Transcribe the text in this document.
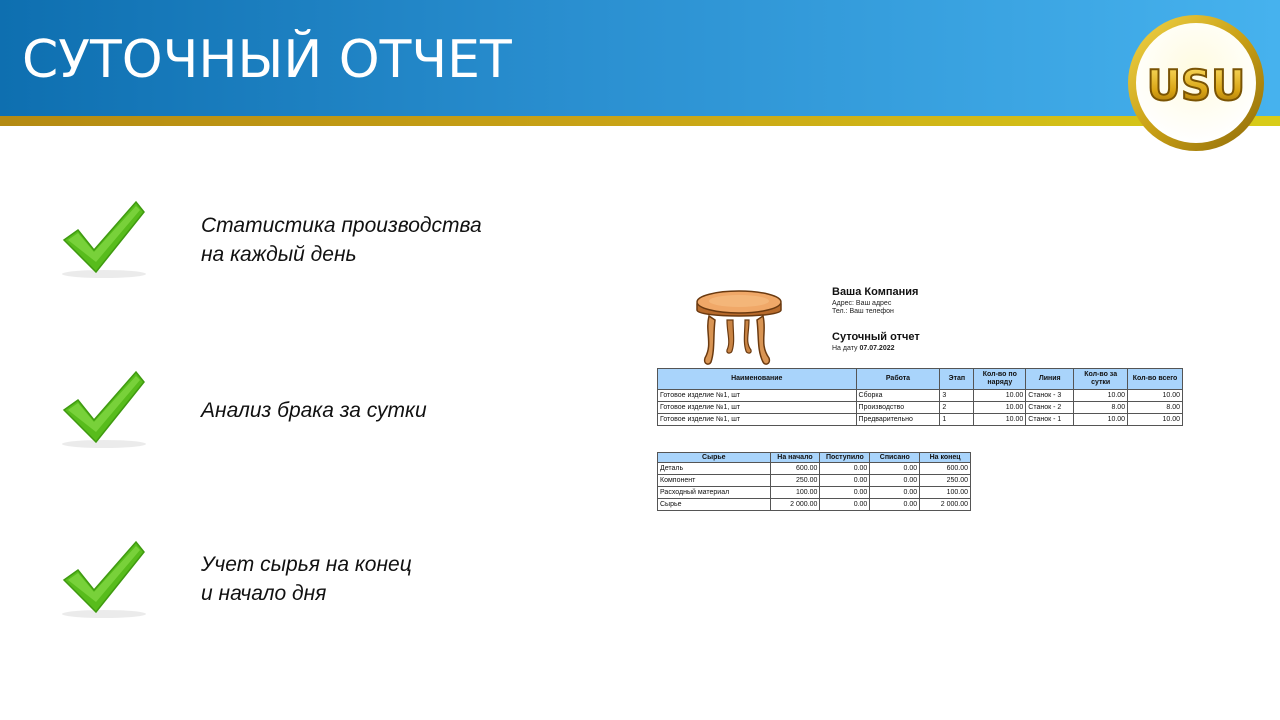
СУТОЧНЫЙ ОТЧЕТ	USU
Статистика производства
на каждый день
Анализ брака за сутки
Учет сырья на конец
и начало дня
Ваша Компания
Адрес: Ваш адрес
Тел.: Ваш телефон
Суточный отчет
На дату 07.07.2022
Наименование	Работа	Этап	Кол-во по наряду	Линия	Кол-во за сутки	Кол-во всего
Готовое изделие №1, шт	Сборка	3	10.00	Станок - 3	10.00	10.00
Готовое изделие №1, шт	Производство	2	10.00	Станок - 2	8.00	8.00
Готовое изделие №1, шт	Предварительно	1	10.00	Станок - 1	10.00	10.00
Сырье	На начало	Поступило	Списано	На конец
Деталь	600.00	0.00	0.00	600.00
Компонент	250.00	0.00	0.00	250.00
Расходный материал	100.00	0.00	0.00	100.00
Сырье	2 000.00	0.00	0.00	2 000.00
